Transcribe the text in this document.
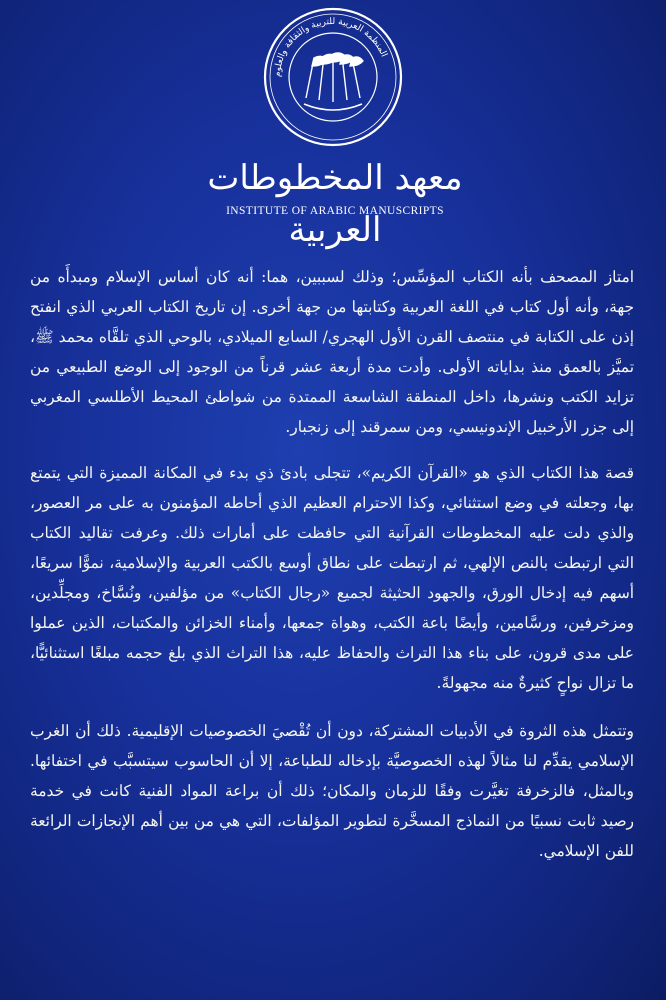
المنظمة العربية للتربية والثقافة والعلوم
معهد المخطوطات العربية
INSTITUTE OF ARABIC MANUSCRIPTS

امتاز المصحف بأنه الكتاب المؤسِّس؛ وذلك لسببين، هما: أنه كان أساس الإسلام ومبدأَه من جهة، وأنه أول كتاب في اللغة العربية وكتابتها من جهة أخرى. إن تاريخ الكتاب العربي الذي انفتح إذن على الكتابة في منتصف القرن الأول الهجري/ السابع الميلادي، بالوحي الذي تلقَّاه محمد ﷺ، تميَّز بالعمق منذ بداياته الأولى. وأدت مدة أربعة عشر قرناً من الوجود إلى الوضع الطبيعي من تزايد الكتب ونشرها، داخل المنطقة الشاسعة الممتدة من شواطئ المحيط الأطلسي المغربي إلى جزر الأرخبيل الإندونيسي، ومن سمرقند إلى زنجبار.

قصة هذا الكتاب الذي هو «القرآن الكريم»، تتجلى بادئ ذي بدء في المكانة المميزة التي يتمتع بها، وجعلته في وضع استثنائي، وكذا الاحترام العظيم الذي أحاطه المؤمنون به على مر العصور، والذي دلت عليه المخطوطات القرآنية التي حافظت على أمارات ذلك. وعرفت تقاليد الكتاب التي ارتبطت بالنص الإلهي، ثم ارتبطت على نطاق أوسع بالكتب العربية والإسلامية، نموًّا سريعًا، أسهم فيه إدخال الورق، والجهود الحثيثة لجميع «رجال الكتاب» من مؤلفين، ونُسَّاخ، ومجلِّدين، ومزخرفين، ورسَّامين، وأيضًا باعة الكتب، وهواة جمعها، وأمناء الخزائن والمكتبات، الذين عملوا على مدى قرون، على بناء هذا التراث والحفاظ عليه، هذا التراث الذي بلغ حجمه مبلغًا استثنائيًّا، ما تزال نواحٍ كثيرةٌ منه مجهولةً.

وتتمثل هذه الثروة في الأدبيات المشتركة، دون أن تُقْصيَ الخصوصيات الإقليمية. ذلك أن الغرب الإسلامي يقدِّم لنا مثالاً لهذه الخصوصيَّة بإدخاله للطباعة، إلا أن الحاسوب سيتسبَّب في اختفائها. وبالمثل، فالزخرفة تغيَّرت وفقًا للزمان والمكان؛ ذلك أن براعة المواد الفنية كانت في خدمة رصيد ثابت نسبيًا من النماذج المسخَّرة لتطوير المؤلفات، التي هي من بين أهم الإنجازات الرائعة للفن الإسلامي.
